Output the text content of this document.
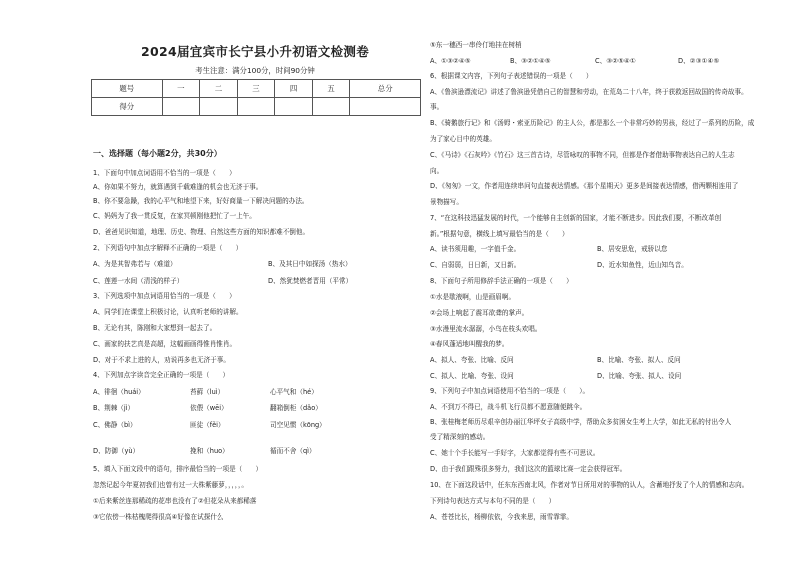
2024届宜宾市长宁县小升初语文检测卷
考生注意：满分100分，时间90分钟
题号	一	二	三	四	五	总分
得分						
一、选择题（每小题2分，共30分）
1、下面句中加点词语用不恰当的一项是（　　）
A、你如果不努力，就算遇到千载难逢的机会也无济于事。
B、你不要急躁，我的心平气和地望下来，好好商量一下解决问题的办法。
C、妈妈为了我一贯反复，在家冥顿刚他把忙了一上午。
D、爸爸见识知道，地理、历史、物理、自然这些方面的知识都难不倒他。
2、下列语句中加点字解释不正确的一项是（　　）
A、为是其智弗若与（难道）	B、及其日中如探汤（热水）
C、莲莲一水间（清浅的样子）	D、然犹焚燃者晋用（平常）
3、下列选项中加点词语用恰当的一项是（　　）
A、同学们在课堂上积极讨论，认真听老师的讲解。
B、无论有其，陈刚和大家想到一起去了。
C、画家的扶艺真是高超，这幅画画得惟肖惟肖。
D、对于不求上进的人，劝说再多也无济于事。
4、下列加点字读音完全正确的一项是（　　）
A、徘徊（huái）	苔藓（luì）	心平气和（hé）
B、荆棘（jì）	依偎（wēi）	翻箱倒柜（dǎo）
C、佛静（bì）	匪徒（fěi）	司空见惯（kōng）
D、防御（yù）	挽和（huo）	循而不舍（qì）
5、填入下面文段中的语句，排序最恰当的一项是（　　）
忽然记起今年夏初我们也曾有过一大株紫藤萝，，，，，。
①后来紫丝连那稀疏的花串也没有了②但花朵从来都稀落
③它依傍一株枯槐爬得很高④好像在试探什么
⑤东一穗西一串伶仃地挂在树梢
A、①③②④⑤	B、③②①④⑤	C、③②⑤④①	D、②③①④⑤
6、根据课文内容，下列句子表述错误的一项是（　　）
A、《鲁滨逊漂流记》讲述了鲁滨逊凭借自己的智慧和劳动，在荒岛二十八年，终于获救返回故国的传奇故事。
事。
B、《骑鹅旅行记》和《汤姆・索亚历险记》的主人公，都是那么一个非常巧妙的男孩，经过了一系列的历险，成
为了家心目中的英雄。
C、《马诗》《石灰吟》《竹石》这三首古诗，尽管咏叹的事物不同，但都是作者借助事物表达自己的人生志
向。
D、《匆匆》一文，作者用连续串问句直接表达情感。《那个星期天》更多是间接表达情感，借两颗相连用了
景物描写。
7、“在这科技迅猛发展的时代，一个能够自主创新的国家，才能不断进步。因此我们要，不断改革创
新。”根据句意，横线上填写最恰当的是（　　）
A、读书须用趣，一字值千金。	B、居安思危，戒骄以怠
C、自弱弱，日日新，又日新。	D、近水知鱼性，近山知鸟音。
8、下面句子所用修辞手法正确的一项是（　　）
①水是歇液啊，山是画眉啊。
②会场上响起了震耳欲聋的掌声。
③水漫里流水潺潺，小鸟在枝头欢唱。
④春风蓬适地叫醒我的梦。
A、拟人、夸张、比喻、反问	B、比喻、夸张、拟人、反问
C、拟人、比喻、夸张、设问	D、比喻、夸张、拟人、设问
9、下列句子中加点词语使用不恰当的一项是（　　）。
A、不到万不得已，战斗机飞行员都不愿意随便跳伞。
B、张桂梅老师历尽艰辛创办丽江华坪女子高级中学，帮助众多贫困女生考上大学，如此无私的付出令人
受了精深刻的感动。
C、她十个手长能写一手好字，大家都觉得有些不可思议。
D、由于我们跟殊很多努力，我们这次的篮球比赛一定会获得冠军。
10、在下面这段话中，任东东西南北风，作者对节日所用对的事物的认人，含蓄地抒发了个人的情感和志向。
下列诗句表达方式与本句不同的是（　　）
A、苍苍比长，杨柳依依，今我来思，雨雪霏霏。
